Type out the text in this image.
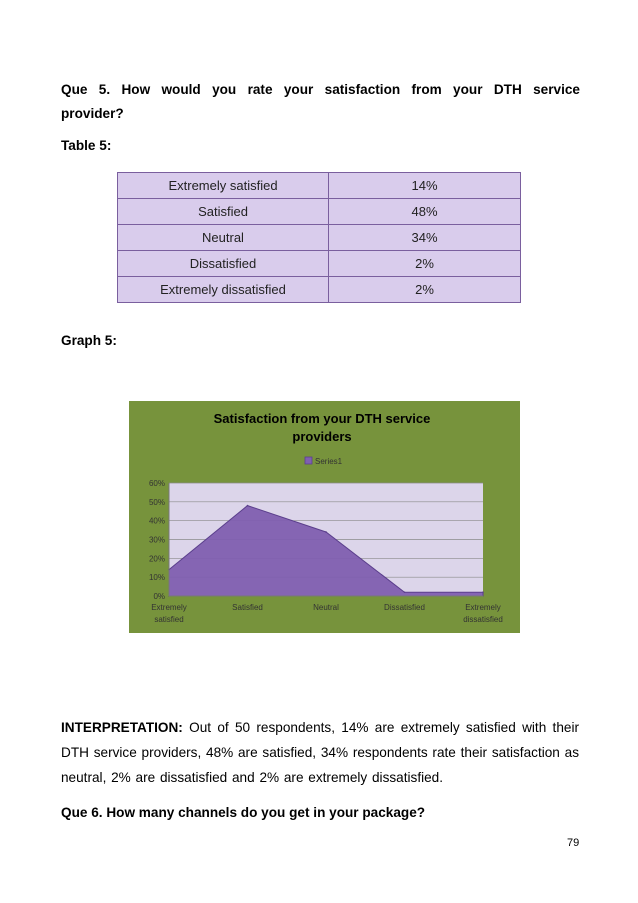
Que 5. How would you rate your satisfaction from your DTH service provider?
Table 5:
Extremely satisfied	14%
Satisfied	48%
Neutral	34%
Dissatisfied	2%
Extremely dissatisfied	2%
Graph 5:
Satisfaction from your DTH service
providers
Series1
0%
10%
20%
30%
40%
50%
60%
Extremely
satisfied
Satisfied	Neutral	Dissatisfied	Extremely
dissatisfied
INTERPRETATION: Out of 50 respondents, 14% are extremely satisfied with their DTH service providers, 48% are satisfied, 34% respondents rate their satisfaction as neutral, 2% are dissatisfied and 2% are extremely dissatisfied.
Que 6. How many channels do you get in your package?
79
